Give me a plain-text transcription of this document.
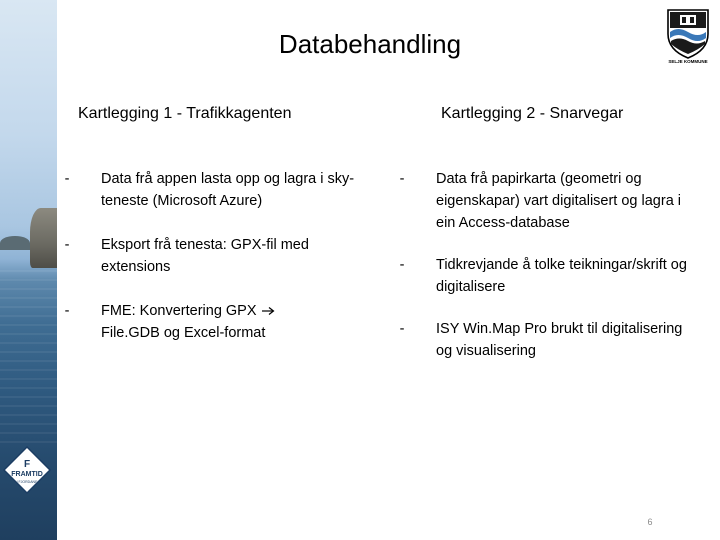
F
FRAMTID
I FJORDANE
SELJE KOMMUNE
Databehandling
Kartlegging 1 - Trafikkagenten	Kartlegging 2 - Snarvegar
-	Data frå appen lasta opp og lagra i sky-teneste (Microsoft Azure)
-	Eksport frå tenesta: GPX-fil med extensions
-	FME: Konvertering GPX
File.GDB og Excel-format
-	Data frå papirkarta (geometri og eigenskapar) vart digitalisert og lagra i ein Access-database
-	Tidkrevjande å tolke teikningar/skrift og digitalisere
-	ISY Win.Map Pro brukt til digitalisering og visualisering
6
